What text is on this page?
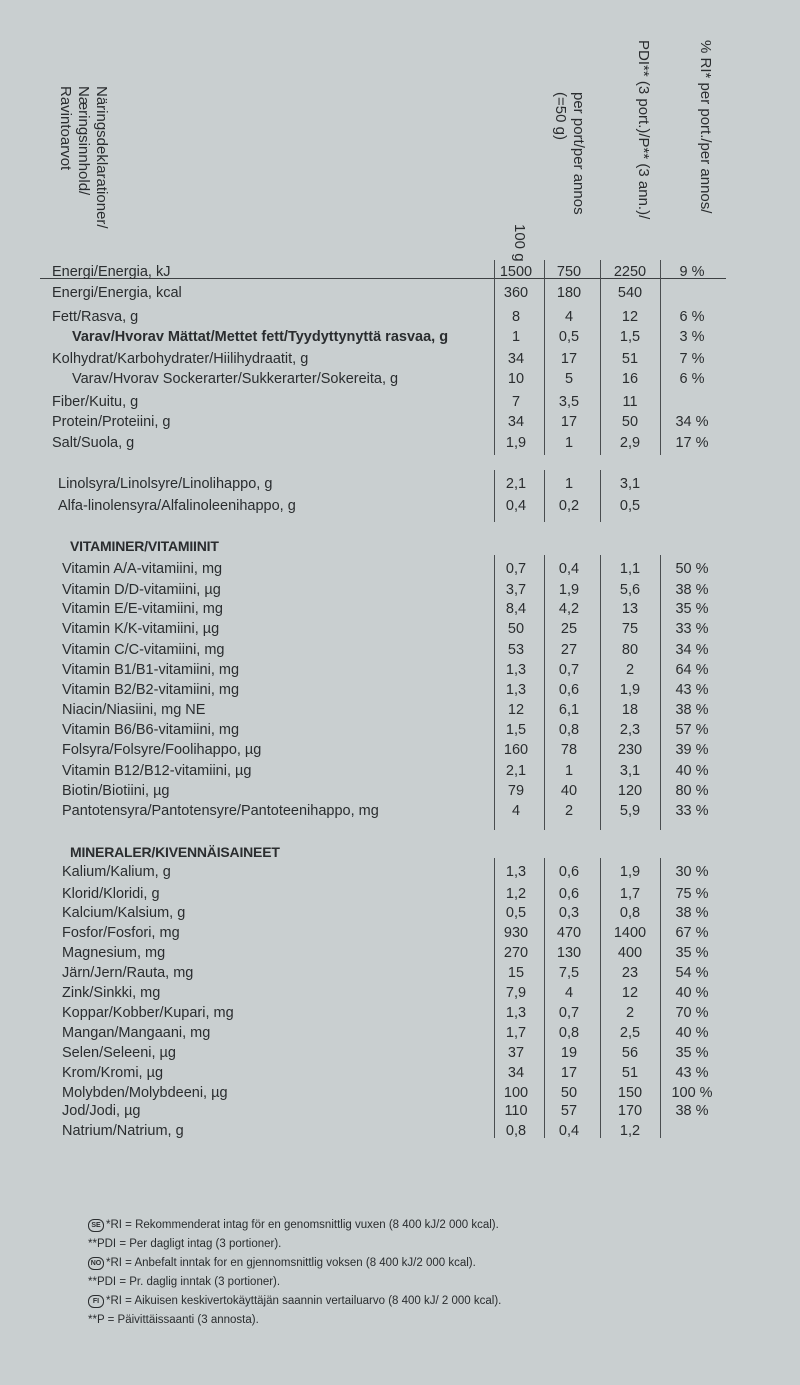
Näringsdeklarationer/
Næringsinnhold/
Ravintoarvot
100 g
per port/per annos
(=50 g)	PDI** (3 port.)/P** (3 ann.)/	% RI* per port./per annos/
Energi/Energia, kJ	1500	750	2250	9 %
Energi/Energia, kcal	360	180	540
Fett/Rasva, g	8	4	12	6 %
Varav/Hvorav Mättat/Mettet fett/Tyydyttynyttä rasvaa, g	1	0,5	1,5	3 %
Kolhydrat/Karbohydrater/Hiilihydraatit, g	34	17	51	7 %
Varav/Hvorav Sockerarter/Sukkerarter/Sokereita, g	10	5	16	6 %
Fiber/Kuitu, g	7	3,5	11
Protein/Proteiini, g	34	17	50	34 %
Salt/Suola, g	1,9	1	2,9	17 %
Linolsyra/Linolsyre/Linolihappo, g	2,1	1	3,1
Alfa-linolensyra/Alfalinoleenihappo, g	0,4	0,2	0,5
VITAMINER/VITAMIINIT
Vitamin A/A-vitamiini, mg	0,7	0,4	1,1	50 %
Vitamin D/D-vitamiini, µg	3,7	1,9	5,6	38 %
Vitamin E/E-vitamiini, mg	8,4	4,2	13	35 %
Vitamin K/K-vitamiini, µg	50	25	75	33 %
Vitamin C/C-vitamiini, mg	53	27	80	34 %
Vitamin B1/B1-vitamiini, mg	1,3	0,7	2	64 %
Vitamin B2/B2-vitamiini, mg	1,3	0,6	1,9	43 %
Niacin/Niasiini, mg NE	12	6,1	18	38 %
Vitamin B6/B6-vitamiini, mg	1,5	0,8	2,3	57 %
Folsyra/Folsyre/Foolihappo, µg	160	78	230	39 %
Vitamin B12/B12-vitamiini, µg	2,1	1	3,1	40 %
Biotin/Biotiini, µg	79	40	120	80 %
Pantotensyra/Pantotensyre/Pantoteenihappo, mg	4	2	5,9	33 %
MINERALER/KIVENNÄISAINEET
Kalium/Kalium, g	1,3	0,6	1,9	30 %
Klorid/Kloridi, g	1,2	0,6	1,7	75 %
Kalcium/Kalsium, g	0,5	0,3	0,8	38 %
Fosfor/Fosfori, mg	930	470	1400	67 %
Magnesium, mg	270	130	400	35 %
Järn/Jern/Rauta, mg	15	7,5	23	54 %
Zink/Sinkki, mg	7,9	4	12	40 %
Koppar/Kobber/Kupari, mg	1,3	0,7	2	70 %
Mangan/Mangaani, mg	1,7	0,8	2,5	40 %
Selen/Seleeni, µg	37	19	56	35 %
Krom/Kromi, µg	34	17	51	43 %
Molybden/Molybdeeni, µg	100	50	150	100 %
Jod/Jodi, µg	110	57	170	38 %
Natrium/Natrium, g	0,8	0,4	1,2
SE *RI = Rekommenderat intag för en genomsnittlig vuxen (8 400 kJ/2 000 kcal).
**PDI = Per dagligt intag (3 portioner).
NO *RI = Anbefalt inntak for en gjennomsnittlig voksen (8 400 kJ/2 000 kcal).
**PDI = Pr. daglig inntak (3 portioner).
FI *RI = Aikuisen keskivertokäyttäjän saannin vertailuarvo (8 400 kJ/ 2 000 kcal).
**P = Päivittäissaanti (3 annosta).
